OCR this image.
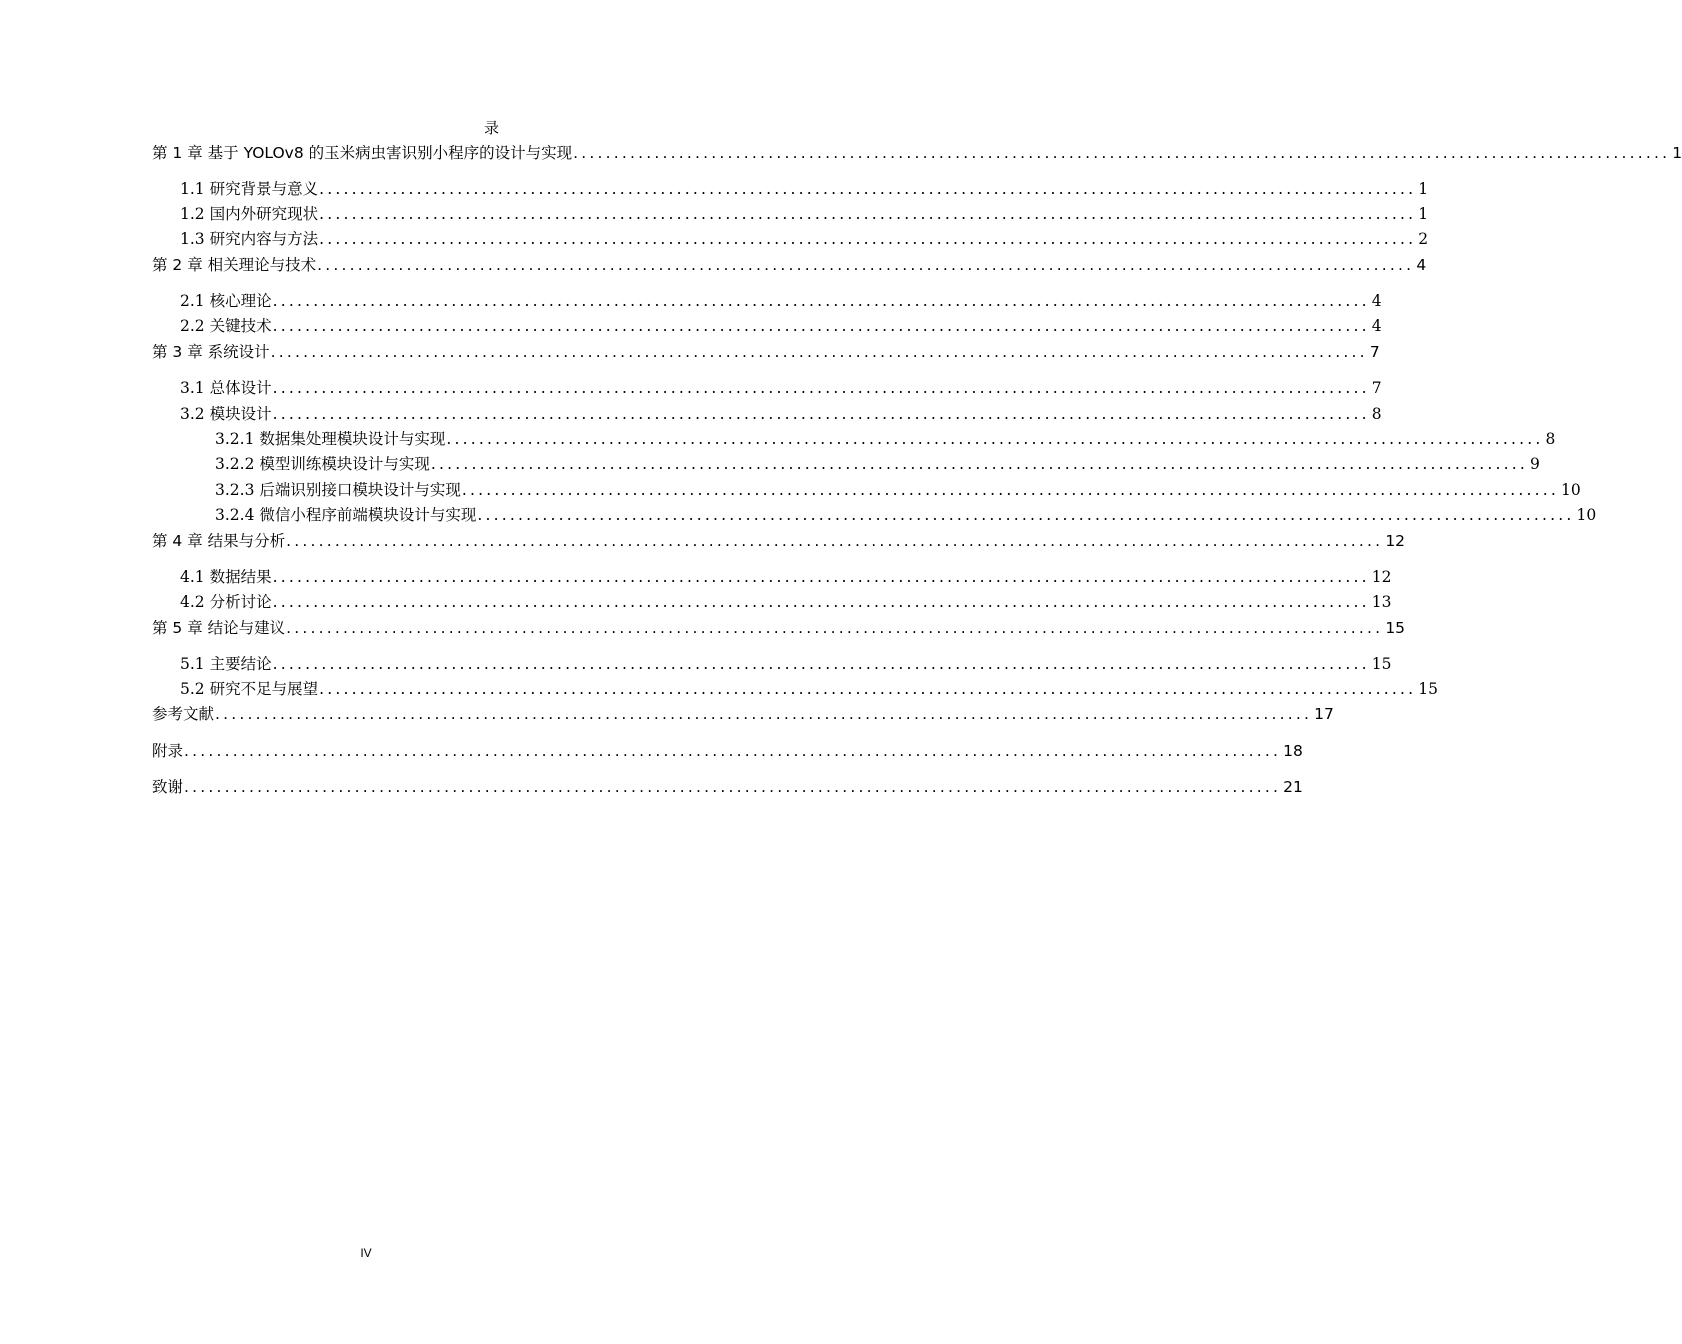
录
第 1 章 基于 YOLOv8 的玉米病虫害识别小程序的设计与实现 ....................................................................................................................................... 1
1.1 研究背景与意义 ....................................................................................................................................... 1
1.2 国内外研究现状 ....................................................................................................................................... 1
1.3 研究内容与方法 ....................................................................................................................................... 2
第 2 章 相关理论与技术 ....................................................................................................................................... 4
2.1 核心理论 ....................................................................................................................................... 4
2.2 关键技术 ....................................................................................................................................... 4
第 3 章 系统设计 ....................................................................................................................................... 7
3.1 总体设计 ....................................................................................................................................... 7
3.2 模块设计 ....................................................................................................................................... 8
3.2.1 数据集处理模块设计与实现 ....................................................................................................................................... 8
3.2.2 模型训练模块设计与实现 ....................................................................................................................................... 9
3.2.3 后端识别接口模块设计与实现 ....................................................................................................................................... 10
3.2.4 微信小程序前端模块设计与实现 ....................................................................................................................................... 10
第 4 章 结果与分析 ....................................................................................................................................... 12
4.1 数据结果 ....................................................................................................................................... 12
4.2 分析讨论 ....................................................................................................................................... 13
第 5 章 结论与建议 ....................................................................................................................................... 15
5.1 主要结论 ....................................................................................................................................... 15
5.2 研究不足与展望 ....................................................................................................................................... 15
参考文献 ....................................................................................................................................... 17
附录 ....................................................................................................................................... 18
致谢 ....................................................................................................................................... 21
IV
